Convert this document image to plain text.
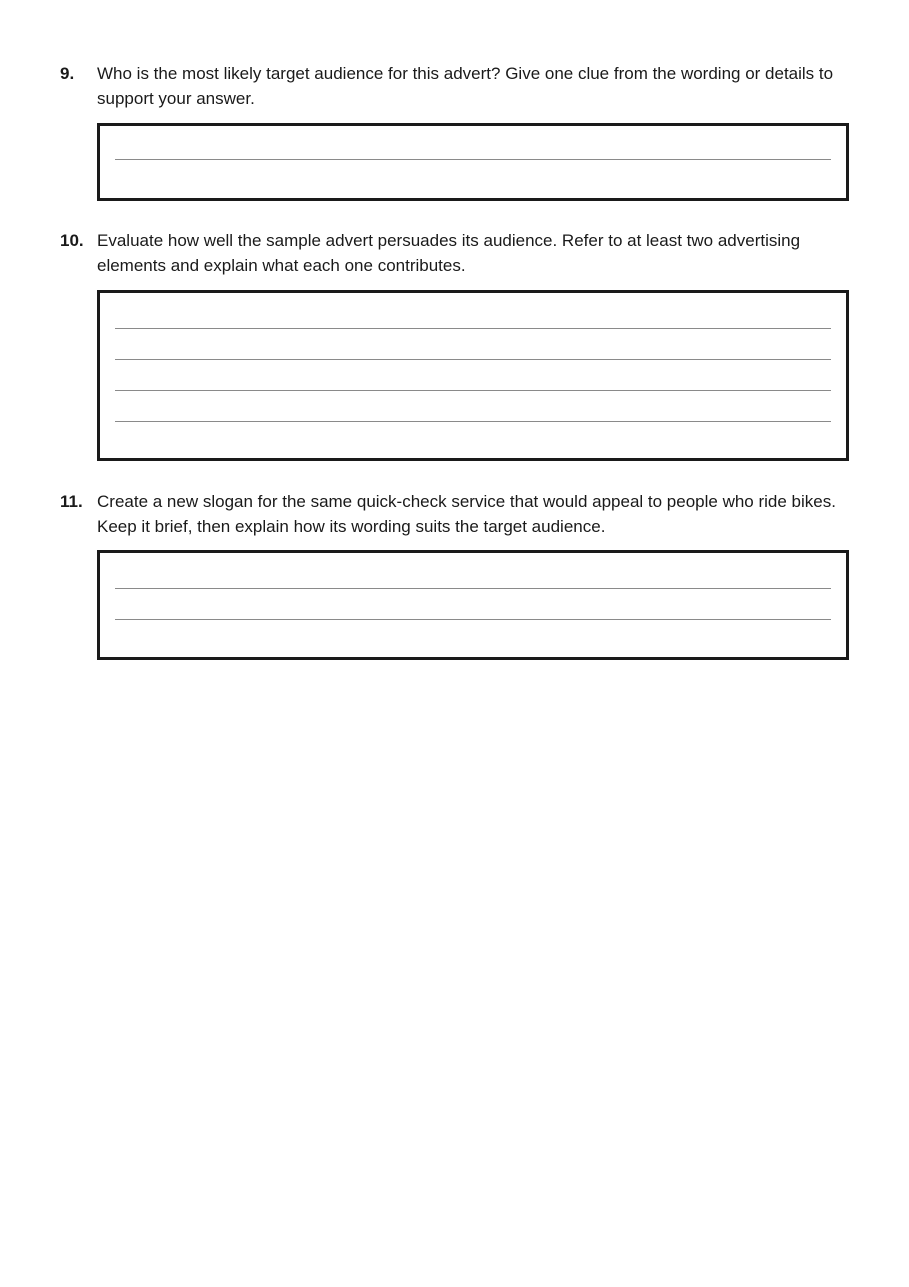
9.	Who is the most likely target audience for this advert? Give one clue from the wording or details to support your answer.
10. Evaluate how well the sample advert persuades its audience. Refer to at least two advertising elements and explain what each one contributes.
11. Create a new slogan for the same quick-check service that would appeal to people who ride bikes. Keep it brief, then explain how its wording suits the target audience.
